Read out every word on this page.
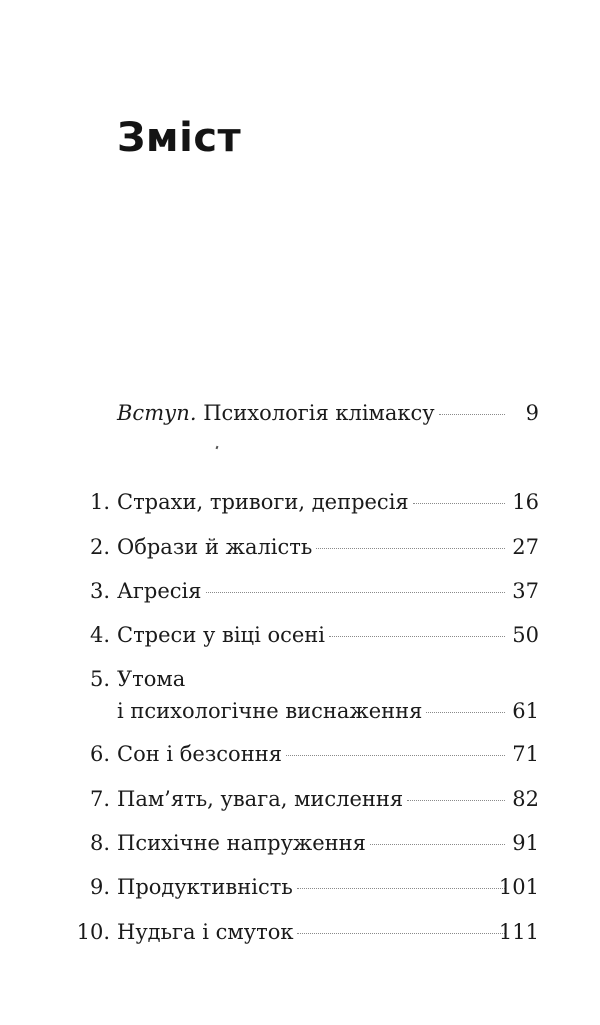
Зміст
Вступ. Психологія клімаксу	9
1. Страхи, тривоги, депресія	16
2. Образи й жалість	27
3. Агресія	37
4. Стреси у віці осені	50
5. Утома
і психологічне виснаження	61
6. Сон і безсоння	71
7. Пам’ять, увага, мислення	82
8. Психічне напруження	91
9. Продуктивність	101
10. Нудьга і смуток	111
